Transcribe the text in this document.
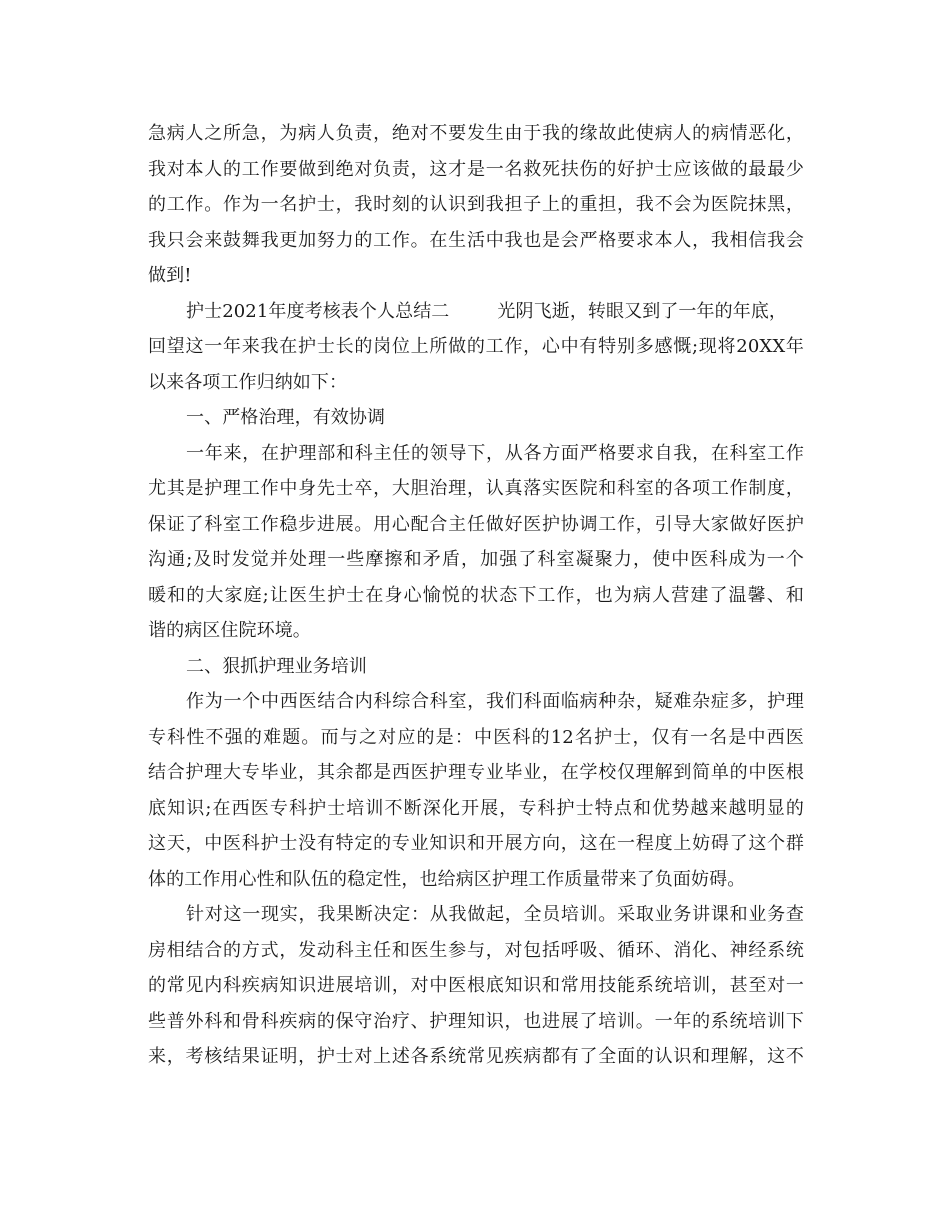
急病人之所急，为病人负责，绝对不要发生由于我的缘故此使病人的病情恶化，
我对本人的工作要做到绝对负责，这才是一名救死扶伤的好护士应该做的最最少
的工作。作为一名护士，我时刻的认识到我担子上的重担，我不会为医院抹黑，
我只会来鼓舞我更加努力的工作。在生活中我也是会严格要求本人，我相信我会
做到!
护士2021年度考核表个人总结二	光阴飞逝，转眼又到了一年的年底，
回望这一年来我在护士长的岗位上所做的工作，心中有特别多感慨;现将20XX年
以来各项工作归纳如下：
一、严格治理，有效协调
一年来，在护理部和科主任的领导下，从各方面严格要求自我，在科室工作
尤其是护理工作中身先士卒，大胆治理，认真落实医院和科室的各项工作制度，
保证了科室工作稳步进展。用心配合主任做好医护协调工作，引导大家做好医护
沟通;及时发觉并处理一些摩擦和矛盾，加强了科室凝聚力，使中医科成为一个
暖和的大家庭;让医生护士在身心愉悦的状态下工作，也为病人营建了温馨、和
谐的病区住院环境。
二、狠抓护理业务培训
作为一个中西医结合内科综合科室，我们科面临病种杂，疑难杂症多，护理
专科性不强的难题。而与之对应的是：中医科的12名护士，仅有一名是中西医
结合护理大专毕业，其余都是西医护理专业毕业，在学校仅理解到简单的中医根
底知识;在西医专科护士培训不断深化开展，专科护士特点和优势越来越明显的
这天，中医科护士没有特定的专业知识和开展方向，这在一程度上妨碍了这个群
体的工作用心性和队伍的稳定性，也给病区护理工作质量带来了负面妨碍。
针对这一现实，我果断决定：从我做起，全员培训。采取业务讲课和业务查
房相结合的方式，发动科主任和医生参与，对包括呼吸、循环、消化、神经系统
的常见内科疾病知识进展培训，对中医根底知识和常用技能系统培训，甚至对一
些普外科和骨科疾病的保守治疗、护理知识，也进展了培训。一年的系统培训下
来，考核结果证明，护士对上述各系统常见疾病都有了全面的认识和理解，这不
